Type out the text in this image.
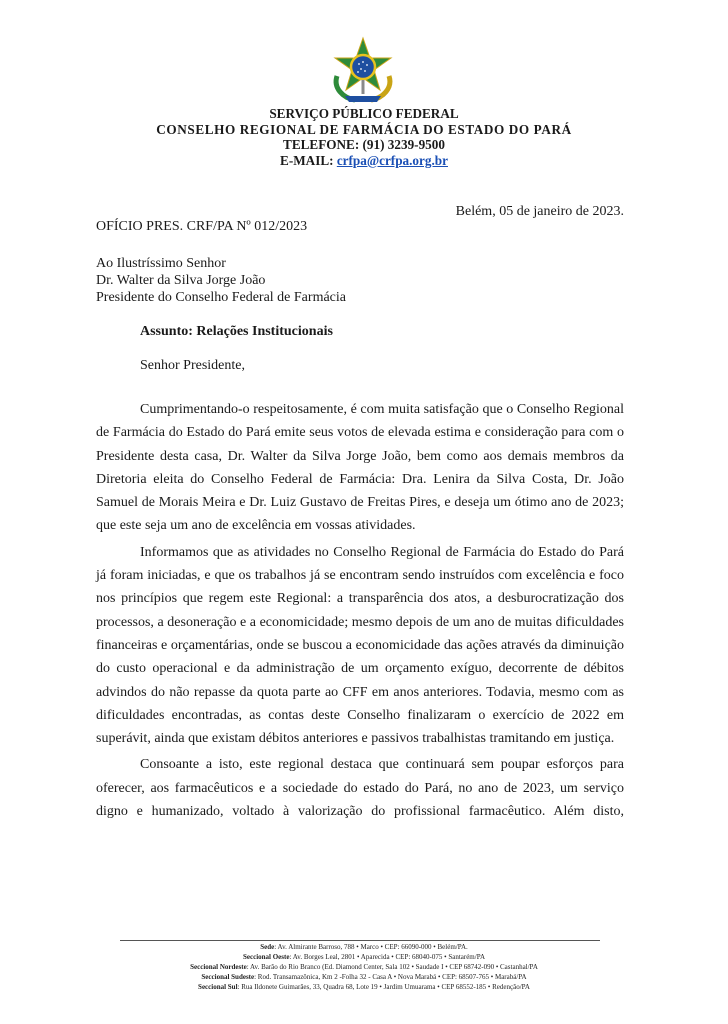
SERVIÇO PÚBLICO FEDERAL
CONSELHO REGIONAL DE FARMÁCIA DO ESTADO DO PARÁ
TELEFONE: (91) 3239-9500
E-MAIL: crfpa@crfpa.org.br
Belém, 05 de janeiro de 2023.
OFÍCIO PRES. CRF/PA Nº 012/2023
Ao Ilustríssimo Senhor
Dr. Walter da Silva Jorge João
Presidente do Conselho Federal de Farmácia
Assunto: Relações Institucionais
Senhor Presidente,

Cumprimentando-o respeitosamente, é com muita satisfação que o Conselho Regional de Farmácia do Estado do Pará emite seus votos de elevada estima e consideração para com o Presidente desta casa, Dr. Walter da Silva Jorge João, bem como aos demais membros da Diretoria eleita do Conselho Federal de Farmácia: Dra. Lenira da Silva Costa, Dr. João Samuel de Morais Meira e Dr. Luiz Gustavo de Freitas Pires, e deseja um ótimo ano de 2023; que este seja um ano de excelência em vossas atividades.

Informamos que as atividades no Conselho Regional de Farmácia do Estado do Pará já foram iniciadas, e que os trabalhos já se encontram sendo instruídos com excelência e foco nos princípios que regem este Regional: a transparência dos atos, a desburocratização dos processos, a desoneração e a economicidade; mesmo depois de um ano de muitas dificuldades financeiras e orçamentárias, onde se buscou a economicidade das ações através da diminuição do custo operacional e da administração de um orçamento exíguo, decorrente de débitos advindos do não repasse da quota parte ao CFF em anos anteriores. Todavia, mesmo com as dificuldades encontradas, as contas deste Conselho finalizaram o exercício de 2022 em superávit, ainda que existam débitos anteriores e passivos trabalhistas tramitando em justiça.

Consoante a isto, este regional destaca que continuará sem poupar esforços para oferecer, aos farmacêuticos e a sociedade do estado do Pará, no ano de 2023, um serviço digno e humanizado, voltado à valorização do profissional farmacêutico. Além disto,

Sede: Av. Almirante Barroso, 788 • Marco • CEP: 66090-000 • Belém/PA.
Seccional Oeste: Av. Borges Leal, 2801 • Aparecida • CEP: 68040-075 • Santarém/PA
Seccional Nordeste: Av. Barão do Rio Branco (Ed. Diamond Center, Sala 102 • Saudade I • CEP 68742-090 • Castanhal/PA
Seccional Sudeste: Rod. Transamazônica, Km 2 -Folha 32 - Casa A • Nova Marabá • CEP: 68507-765 • Marabá/PA
Seccional Sul: Rua Ildonete Guimarães, 33, Quadra 68, Lote 19 • Jardim Umuarama • CEP 68552-185 • Redenção/PA
